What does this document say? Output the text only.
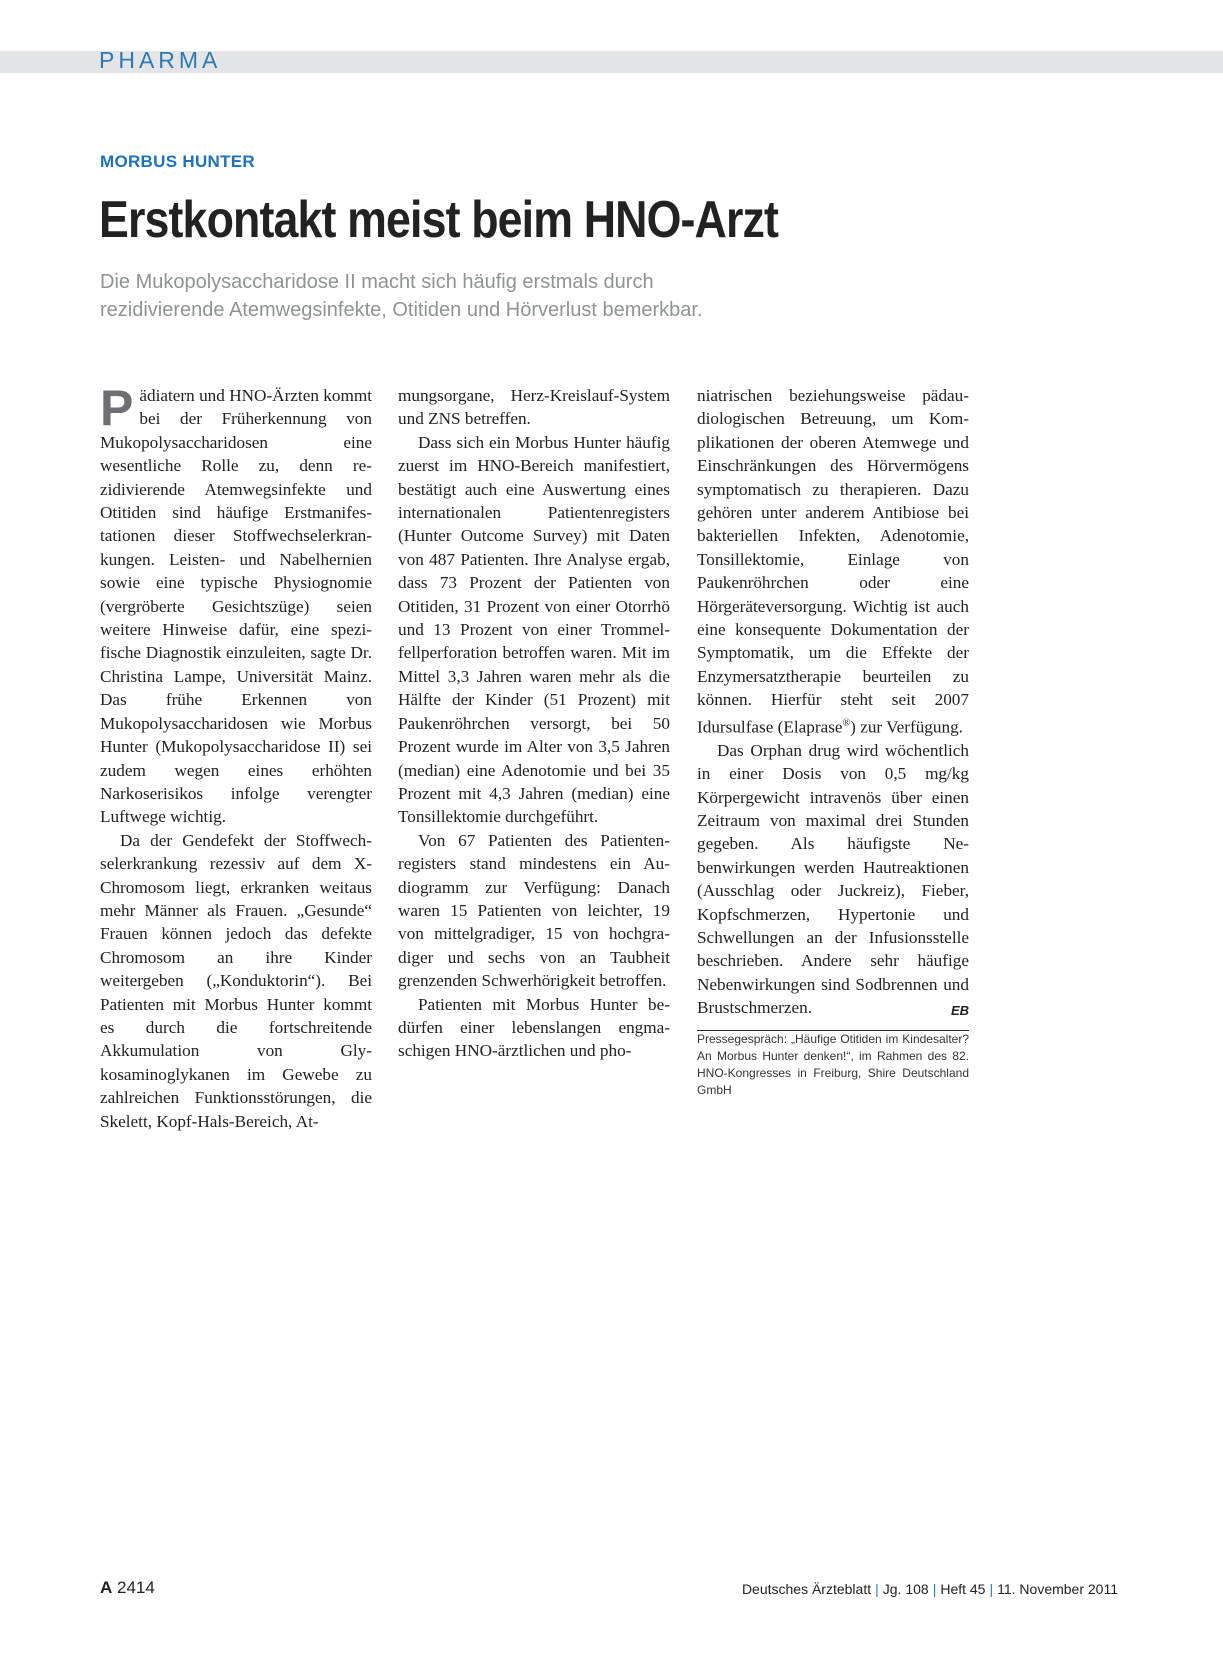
PHARMA
MORBUS HUNTER
Erstkontakt meist beim HNO-Arzt

Die Mukopolysaccharidose II macht sich häufig erstmals durch
rezidivierende Atemwegsinfekte, Otitiden und Hörverlust bemerkbar.

Pädiatern und HNO-Ärzten kommt bei der Früherkennung von Mukopolysaccharidosen eine wesentliche Rolle zu, denn rezidivierende Atemwegsinfekte und Otitiden sind häufige Erstmanifestationen dieser Stoffwechselerkrankungen. Leisten- und Nabelhernien sowie eine typische Physiognomie (vergröberte Gesichtszüge) seien weitere Hinweise dafür, eine spezifische Diagnostik einzuleiten, sagte Dr. Christina Lampe, Universität Mainz. Das frühe Erkennen von Mukopolysaccharidosen wie Morbus Hunter (Mukopolysaccharidose II) sei zudem wegen eines erhöhten Narkoserisikos infolge verengter Luftwege wichtig.

Da der Gendefekt der Stoffwechselerkrankung rezessiv auf dem X-Chromosom liegt, erkranken weitaus mehr Männer als Frauen. „Gesunde“ Frauen können jedoch das defekte Chromosom an ihre Kinder weitergeben („Konduktorin“). Bei Patienten mit Morbus Hunter kommt es durch die fortschreitende Akkumulation von Glykosaminoglykanen im Gewebe zu zahlreichen Funktionsstörungen, die Skelett, Kopf-Hals-Bereich, At-

mungsorgane, Herz-Kreislauf-System und ZNS betreffen.

Dass sich ein Morbus Hunter häufig zuerst im HNO-Bereich manifestiert, bestätigt auch eine Auswertung eines internationalen Patientenregisters (Hunter Outcome Survey) mit Daten von 487 Patienten. Ihre Analyse ergab, dass 73 Prozent der Patienten von Otitiden, 31 Prozent von einer Otorrhö und 13 Prozent von einer Trommelfellperforation betroffen waren. Mit im Mittel 3,3 Jahren waren mehr als die Hälfte der Kinder (51 Prozent) mit Paukenröhrchen versorgt, bei 50 Prozent wurde im Alter von 3,5 Jahren (median) eine Adenotomie und bei 35 Prozent mit 4,3 Jahren (median) eine Tonsillektomie durchgeführt.

Von 67 Patienten des Patientenregisters stand mindestens ein Audiogramm zur Verfügung: Danach waren 15 Patienten von leichter, 19 von mittelgradiger, 15 von hochgradiger und sechs von an Taubheit grenzenden Schwerhörigkeit betroffen.

Patienten mit Morbus Hunter bedürfen einer lebenslangen engmaschigen HNO-ärztlichen und pho-

niatrischen beziehungsweise pädaudiologischen Betreuung, um Komplikationen der oberen Atemwege und Einschränkungen des Hörvermögens symptomatisch zu therapieren. Dazu gehören unter anderem Antibiose bei bakteriellen Infekten, Adenotomie, Tonsillektomie, Einlage von Paukenröhrchen oder eine Hörgeräteversorgung. Wichtig ist auch eine konsequente Dokumentation der Symptomatik, um die Effekte der Enzymersatztherapie beurteilen zu können. Hierfür steht seit 2007 Idursulfase (Elaprase®) zur Verfügung.

Das Orphan drug wird wöchentlich in einer Dosis von 0,5 mg/kg Körpergewicht intravenös über einen Zeitraum von maximal drei Stunden gegeben. Als häufigste Nebenwirkungen werden Hautreaktionen (Ausschlag oder Juckreiz), Fieber, Kopfschmerzen, Hypertonie und Schwellungen an der Infusionsstelle beschrieben. Andere sehr häufige Nebenwirkungen sind Sodbrennen und Brustschmerzen.	EB

Pressegespräch: „Häufige Otitiden im Kindesalter? An Morbus Hunter denken!“, im Rahmen des 82. HNO-Kongresses in Freiburg, Shire Deutschland GmbH

A 2414	Deutsches Ärzteblatt | Jg. 108 | Heft 45 | 11. November 2011
